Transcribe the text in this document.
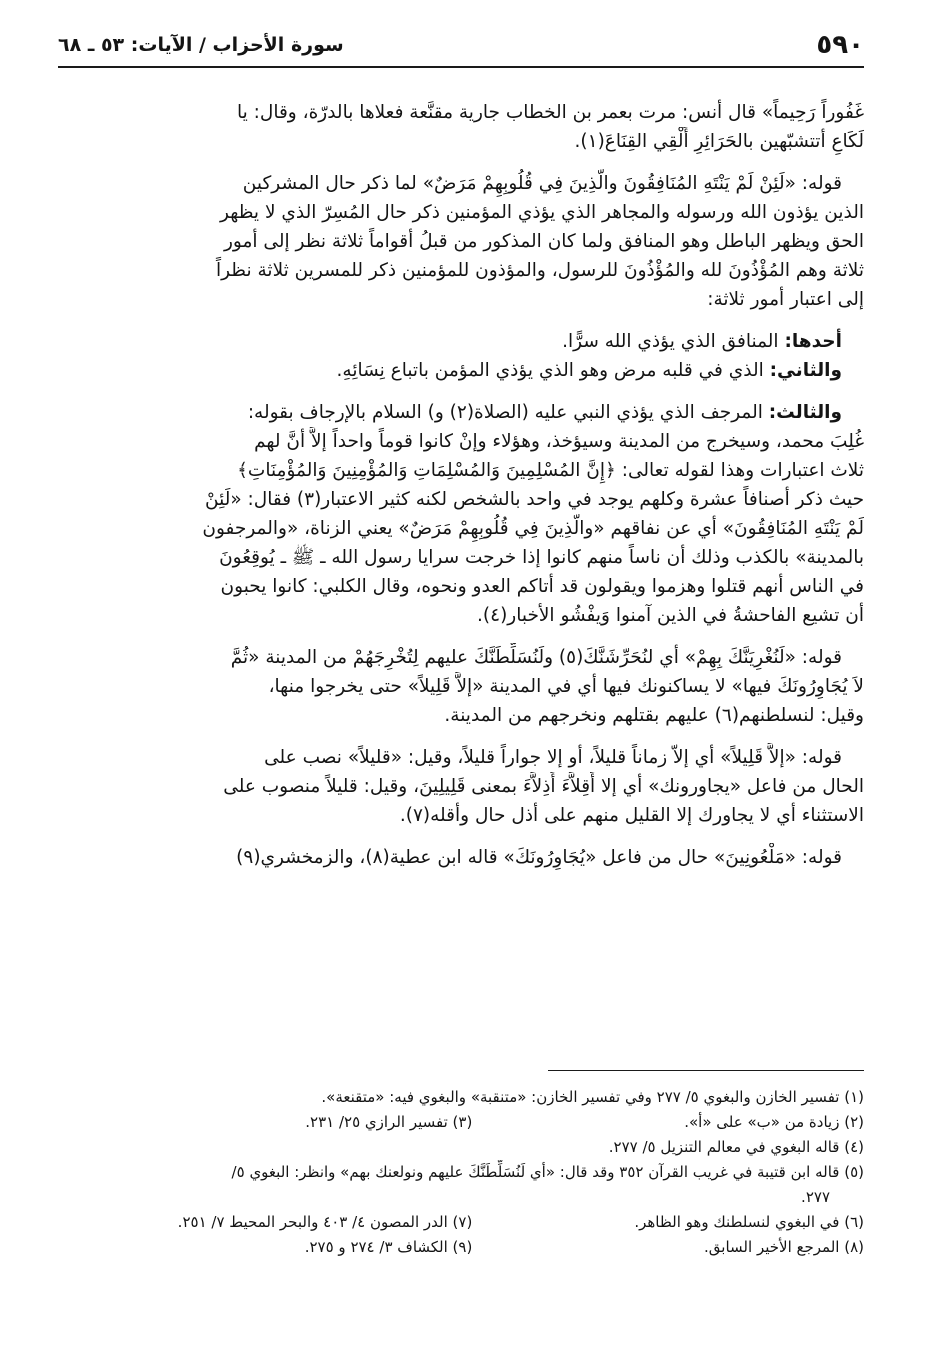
٥٩٠
سورة الأحزاب / الآيات: ٥٣ ـ ٦٨
غَفُوراً رَحِيماً» قال أنس: مرت بعمر بن الخطاب جارية مقنَّعة فعلاها بالدرّة، وقال: يا
لَكَاعِ أتتشبّهين بالحَرَائِرِ أَلْقِي القِنَاعَ(١).
قوله: «لَئِنْ لَمْ يَنْتَهِ المُنَافِقُونَ والَّذِينَ فِي قُلُوبِهِمْ مَرَضٌ» لما ذكر حال المشركين
الذين يؤذون الله ورسوله والمجاهر الذي يؤذي المؤمنين ذكر حال المُسِرّ الذي لا يظهر
الحق ويظهر الباطل وهو المنافق ولما كان المذكور من قبلُ أقواماً ثلاثة نظر إلى أمور
ثلاثة وهم المُؤْذُونَ لله والمُؤْذُونَ للرسول، والمؤذون للمؤمنين ذكر للمسرين ثلاثة نظراً
إلى اعتبار أمور ثلاثة:
أحدها: المنافق الذي يؤذي الله سرًّا.
والثاني: الذي في قلبه مرض وهو الذي يؤذي المؤمن باتباع نِسَائِهِ.
والثالث: المرجف الذي يؤذي النبي عليه (الصلاة(٢) و) السلام بالإرجاف بقوله:
غُلِبَ محمد، وسيخرج من المدينة وسيؤخذ، وهؤلاء وإنْ كانوا قوماً واحداً إلاَّ أنَّ لهم
ثلاث اعتبارات وهذا لقوله تعالى: ﴿إِنَّ المُسْلِمِينَ وَالمُسْلِمَاتِ وَالمُؤْمِنِينَ وَالمُؤْمِنَاتِ﴾
حيث ذكر أصنافاً عشرة وكلهم يوجد في واحد بالشخص لكنه كثير الاعتبار(٣) فقال: «لَئِنْ
لَمْ يَنْتَهِ المُنَافِقُونَ» أي عن نفاقهم «والَّذِينَ فِي قُلُوبِهِمْ مَرَضٌ» يعني الزناة، «والمرجفون
بالمدينة» بالكذب وذلك أن ناساً منهم كانوا إذا خرجت سرايا رسول الله ـ ﷺ ـ يُوقِعُونَ
في الناس أنهم قتلوا وهزموا ويقولون قد أتاكم العدو ونحوه، وقال الكلبي: كانوا يحبون
أن تشيع الفاحشةُ في الذين آمنوا وَيفْشُو الأخبار(٤).
قوله: «لَنُغْرِيَنَّكَ بِهِمْ» أي لنُحَرِّشَنَّكَ(٥) ولَنُسَلِّطَنَّكَ عليهم لِتُخْرِجَهُمْ من المدينة «ثُمَّ
لاَ يُجَاوِرُونَكَ فيها» لا يساكنونك فيها أي في المدينة «إلاَّ قَلِيلاً» حتى يخرجوا منها،
وقيل: لنسلطنهم(٦) عليهم بقتلهم ونخرجهم من المدينة.
قوله: «إلاَّ قَلِيلاً» أي إلاّ زماناً قليلاً، أو إلا جواراً قليلاً، وقيل: «قليلاً» نصب على
الحال من فاعل «يجاورونك» أي إلا أَقِلاَّءَ أَذِلاَّءَ بمعنى قَلِيلِينَ، وقيل: قليلاً منصوب على
الاستثناء أي لا يجاورك إلا القليل منهم على أذل حال وأقله(٧).
قوله: «مَلْعُونِينَ» حال من فاعل «يُجَاوِرُونَكَ» قاله ابن عطية(٨)، والزمخشري(٩)
(١) تفسير الخازن والبغوي ٥/ ٢٧٧ وفي تفسير الخازن: «متنقبة» والبغوي فيه: «متقنعة».
(٢) زيادة من «ب» على «أ». (٣) تفسير الرازي ٢٥/ ٢٣١.
(٤) قاله البغوي في معالم التنزيل ٥/ ٢٧٧.
(٥) قاله ابن قتيبة في غريب القرآن ٣٥٢ وقد قال: «أي لَنُسَلِّطَنَّكَ عليهم ونولعنك بهم» وانظر: البغوي ٥/
٢٧٧.
(٦) في البغوي لنسلطنك وهو الظاهر. (٧) الدر المصون ٤/ ٤٠٣ والبحر المحيط ٧/ ٢٥١.
(٨) المرجع الأخير السابق. (٩) الكشاف ٣/ ٢٧٤ و ٢٧٥.
